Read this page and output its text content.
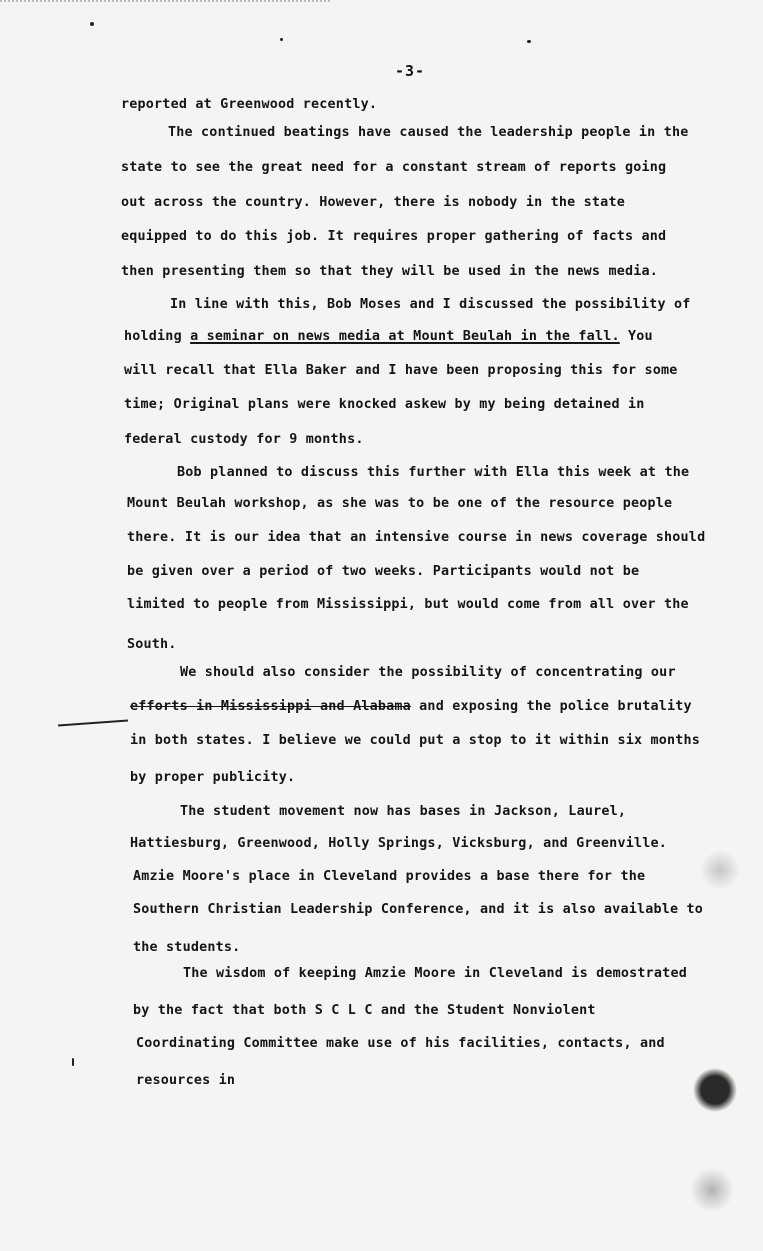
-3-
reported at Greenwood recently.
The continued beatings have caused the leadership people in the
state to see the great need for a constant stream of reports going
out across the country. However, there is nobody in the state
equipped to do this job. It requires proper gathering of facts and
then presenting them so that they will be used in the news media.
In line with this, Bob Moses and I discussed the possibility of
holding a seminar on news media at Mount Beulah in the fall. You
will recall that Ella Baker and I have been proposing this for some
time; Original plans were knocked askew by my being detained in
federal custody for 9 months.
Bob planned to discuss this further with Ella this week at the
Mount Beulah workshop, as she was to be one of the resource people
there. It is our idea that an intensive course in news coverage should
be given over a period of two weeks. Participants would not be
limited to people from Mississippi, but would come from all over the
South.
We should also consider the possibility of concentrating our
efforts in Mississippi and Alabama and exposing the police brutality
in both states. I believe we could put a stop to it within six months
by proper publicity.
The student movement now has bases in Jackson, Laurel,
Hattiesburg, Greenwood, Holly Springs, Vicksburg, and Greenville.
Amzie Moore's place in Cleveland provides a base there for the
Southern Christian Leadership Conference, and it is also available to
the students.
The wisdom of keeping Amzie Moore in Cleveland is demostrated
by the fact that both S C L C and the Student Nonviolent
Coordinating Committee make use of his facilities, contacts, and
resources in
